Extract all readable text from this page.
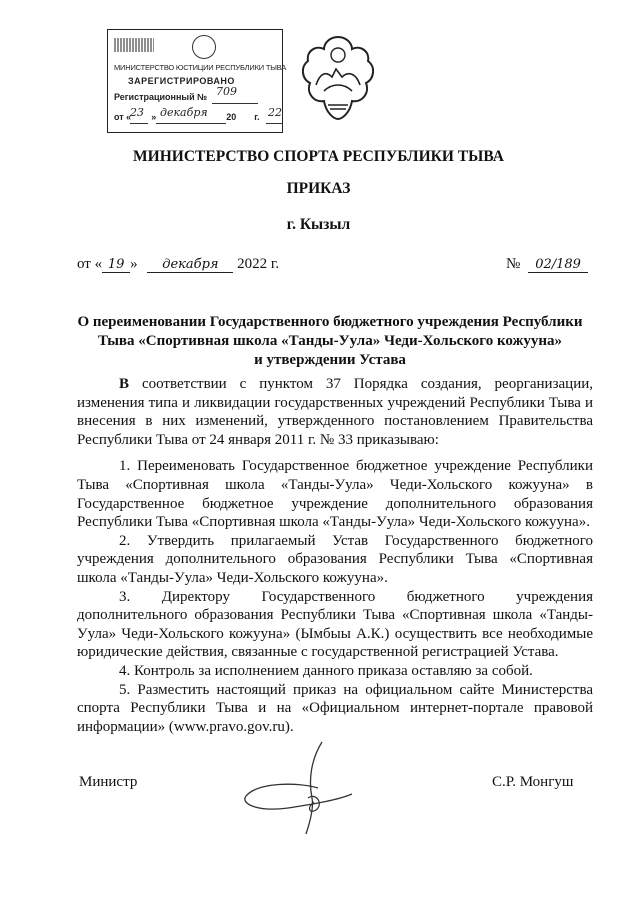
МИНИСТЕРСТВО ЮСТИЦИИ РЕСПУБЛИКИ ТЫВА
ЗАРЕГИСТРИРОВАНО
Регистрационный № 709
от « »	20 г.
23 декабря	22
МИНИСТЕРСТВО СПОРТА РЕСПУБЛИКИ ТЫВА
ПРИКАЗ
г. Кызыл
от « 19 » декабря 2022 г.	№ 02/189
О переименовании Государственного бюджетного учреждения Республики
Тыва «Спортивная школа «Танды-Уула» Чеди-Хольского кожууна»
и утверждении Устава

В соответствии с пунктом 37 Порядка создания, реорганизации, изменения типа и ликвидации государственных учреждений Республики Тыва и внесения в них изменений, утвержденного постановлением Правительства Республики Тыва от 24 января 2011 г. № 33 приказываю:

1. Переименовать Государственное бюджетное учреждение Республики Тыва «Спортивная школа «Танды-Уула» Чеди-Хольского кожууна» в Государственное бюджетное учреждение дополнительного образования Республики Тыва «Спортивная школа «Танды-Уула» Чеди-Хольского кожууна».

2. Утвердить прилагаемый Устав Государственного бюджетного учреждения дополнительного образования Республики Тыва «Спортивная школа «Танды-Уула» Чеди-Хольского кожууна».

3. Директору Государственного бюджетного учреждения дополнительного образования Республики Тыва «Спортивная школа «Танды-Уула» Чеди-Хольского кожууна» (Ымбыы А.К.) осуществить все необходимые юридические действия, связанные с государственной регистрацией Устава.

4. Контроль за исполнением данного приказа оставляю за собой.

5. Разместить настоящий приказ на официальном сайте Министерства спорта Республики Тыва и на «Официальном интернет-портале правовой информации» (www.pravo.gov.ru).

Министр	С.Р. Монгуш
